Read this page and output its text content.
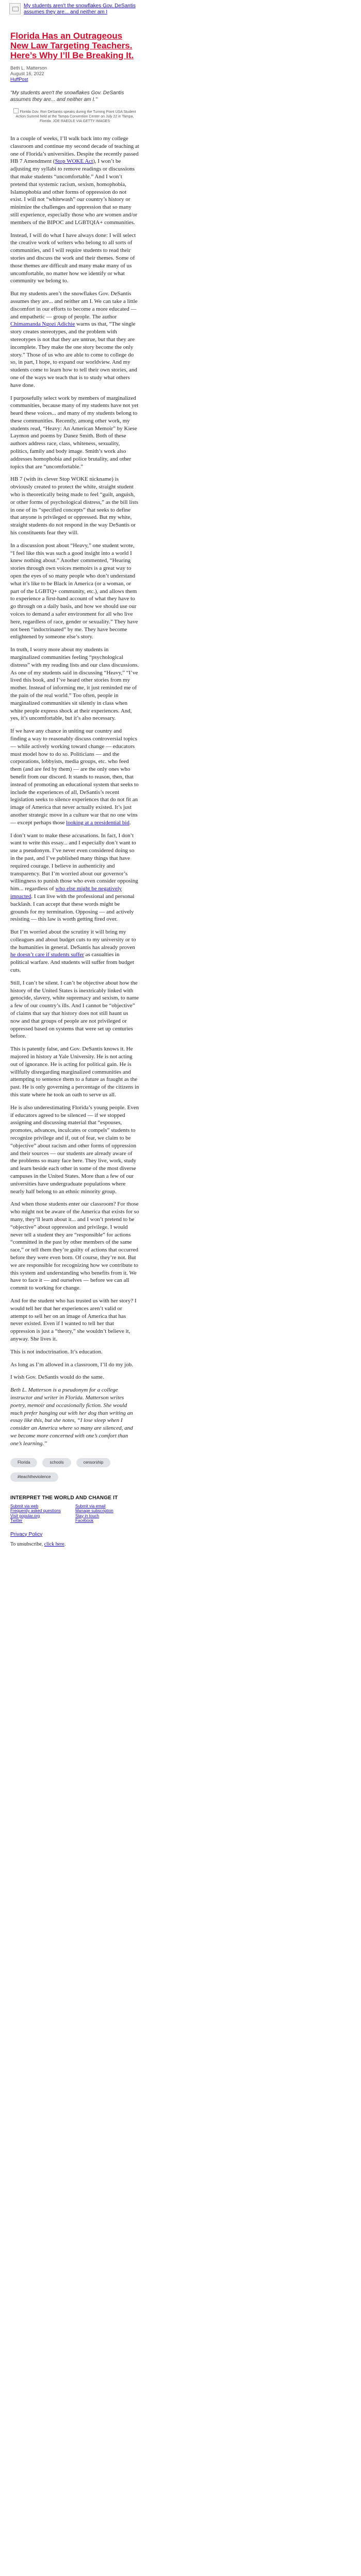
My students aren't the snowflakes Gov. DeSantis assumes they are... and neither am I
Florida Has an Outrageous New Law Targeting Teachers. Here’s Why I’ll Be Breaking It.
Beth L. Matterson
August 16, 2022
HuffPost

"My students aren't the snowflakes Gov. DeSantis assumes they are... and neither am I."

Florida Gov. Ron DeSantis speaks during the Turning Point USA Student Action Summit held at the Tampa Convention Center on July 22 in Tampa, Florida. JOE RAEDLE VIA GETTY IMAGES

In a couple of weeks, I’ll walk back into my college classroom and continue my second decade of teaching at one of Florida’s universities. Despite the recently passed HB 7 Amendment (Stop WOKE Act), I won’t be adjusting my syllabi to remove readings or discussions that make students “uncomfortable.” And I won’t pretend that systemic racism, sexism, homophobia, Islamophobia and other forms of oppression do not exist. I will not “whitewash” our country’s history or minimize the challenges and oppression that so many still experience, especially those who are women and/or members of the BIPOC and LGBTQIA+ communities.

Instead, I will do what I have always done: I will select the creative work of writers who belong to all sorts of communities, and I will require students to read their stories and discuss the work and their themes. Some of those themes are difficult and many make many of us uncomfortable, no matter how we identify or what community we belong to.

But my students aren’t the snowflakes Gov. DeSantis assumes they are... and neither am I. We can take a little discomfort in our efforts to become a more educated — and empathetic — group of people. The author Chimamanda Ngozi Adichie warns us that, “The single story creates stereotypes, and the problem with stereotypes is not that they are untrue, but that they are incomplete. They make the one story become the only story.” Those of us who are able to come to college do so, in part, I hope, to expand our worldview. And my students come to learn how to tell their own stories, and one of the ways we teach that is to study what others have done.

I purposefully select work by members of marginalized communities, because many of my students have not yet heard these voices... and many of my students belong to these communities. Recently, among other work, my students read, “Heavy: An American Memoir” by Kiese Laymon and poems by Danez Smith. Both of these authors address race, class, whiteness, sexuality, politics, family and body image. Smith’s work also addresses homophobia and police brutality, and other topics that are “uncomfortable.”

HB 7 (with its clever Stop WOKE nickname) is obviously created to protect the white, straight student who is theoretically being made to feel “guilt, anguish, or other forms of psychological distress,” as the bill lists in one of its “specified concepts” that seeks to define that anyone is privileged or oppressed. But my white, straight students do not respond in the way DeSantis or his constituents fear they will.

In a discussion post about “Heavy,” one student wrote, “I feel like this was such a good insight into a world I knew nothing about.” Another commented, “Hearing stories through own voices memoirs is a great way to open the eyes of so many people who don’t understand what it’s like to be Black in America (or a woman, or part of the LGBTQ+ community, etc.), and allows them to experience a first-hand account of what they have to go through on a daily basis, and how we should use our voices to demand a safer environment for all who live here, regardless of race, gender or sexuality.” They have not been “indoctrinated” by me. They have become enlightened by someone else’s story.

In truth, I worry more about my students in marginalized communities feeling “psychological distress” with my reading lists and our class discussions. As one of my students said in discussing “Heavy,” “I’ve lived this book, and I’ve heard other stories from my mother. Instead of informing me, it just reminded me of the pain of the real world.” Too often, people in marginalized communities sit silently in class when white people express shock at their experiences. And, yes, it’s uncomfortable, but it’s also necessary.

If we have any chance in uniting our country and finding a way to reasonably discuss controversial topics — while actively working toward change — educators must model how to do so. Politicians — and the corporations, lobbyists, media groups, etc. who feed them (and are fed by them) — are the only ones who benefit from our discord. It stands to reason, then, that instead of promoting an educational system that seeks to include the experiences of all, DeSantis’s recent legislation seeks to silence experiences that do not fit an image of America that never actually existed. It’s just another strategic move in a culture war that no one wins — except perhaps those looking at a presidential bid.

I don’t want to make these accusations. In fact, I don’t want to write this essay... and I especially don’t want to use a pseudonym. I’ve never even considered doing so in the past, and I’ve published many things that have required courage. I believe in authenticity and transparency. But I’m worried about our governor’s willingness to punish those who even consider opposing him... regardless of who else might be negatively impacted. I can live with the professional and personal backlash. I can accept that these words might be grounds for my termination. Opposing — and actively resisting — this law is worth getting fired over.

But I’m worried about the scrutiny it will bring my colleagues and about budget cuts to my university or to the humanities in general. DeSantis has already proven he doesn’t care if students suffer as casualties in political warfare. And students will suffer from budget cuts.

Still, I can’t be silent. I can’t be objective about how the history of the United States is inextricably linked with genocide, slavery, white supremacy and sexism, to name a few of our country’s ills. And I cannot be “objective” of claims that say that history does not still haunt us now and that groups of people are not privileged or oppressed based on systems that were set up centuries before.

This is patently false, and Gov. DeSantis knows it. He majored in history at Yale University. He is not acting out of ignorance. He is acting for political gain. He is willfully disregarding marginalized communities and attempting to sentence them to a future as fraught as the past. He is only governing a percentage of the citizens in this state where he took an oath to serve us all.

He is also underestimating Florida’s young people. Even if educators agreed to be silenced — if we stopped assigning and discussing material that “espouses, promotes, advances, inculcates or compels” students to recognize privilege and if, out of fear, we claim to be “objective” about racism and other forms of oppression and their sources — our students are already aware of the problems so many face here. They live, work, study and learn beside each other in some of the most diverse campuses in the United States. More than a few of our universities have undergraduate populations where nearly half belong to an ethnic minority group.

And when those students enter our classroom? For those who might not be aware of the America that exists for so many, they’ll learn about it... and I won’t pretend to be “objective” about oppression and privilege. I would never tell a student they are “responsible” for actions “committed in the past by other members of the same race,” or tell them they’re guilty of actions that occurred before they were even born. Of course, they’re not. But we are responsible for recognizing how we contribute to this system and understanding who benefits from it. We have to face it — and ourselves — before we can all commit to working for change.

And for the student who has trusted us with her story? I would tell her that her experiences aren’t valid or attempt to sell her on an image of America that has never existed. Even if I wanted to tell her that oppression is just a “theory,” she wouldn’t believe it, anyway. She lives it.

This is not indoctrination. It’s education.

As long as I’m allowed in a classroom, I’ll do my job.

I wish Gov. DeSantis would do the same.

Beth L. Matterson is a pseudonym for a college instructor and writer in Florida. Matterson writes poetry, memoir and occasionally fiction. She would much prefer hanging out with her dog than writing an essay like this, but she notes, “I lose sleep when I consider an America where so many are silenced, and we become more concerned with one’s comfort than one’s learning.”

Florida	schools	censorship#teachtheviolence
INTERPRET THE WORLD AND CHANGE IT
Submit via web	Submit via email
Frequently asked questions	Manage subscription
Visit popular.org	Stay in touch
Twitter	Facebook
Privacy Policy
To unsubscribe, click here.
